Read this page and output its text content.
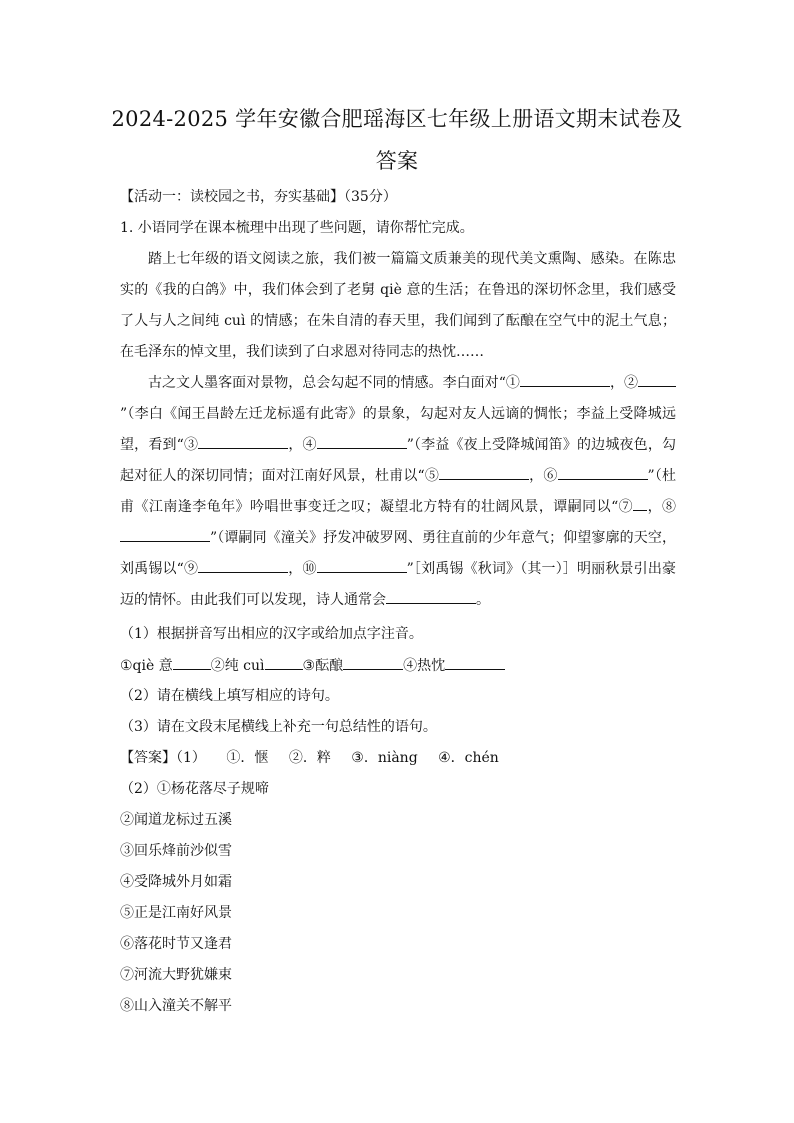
2024-2025 学年安徽合肥瑶海区七年级上册语文期末试卷及
答案
【活动一：读校园之书，夯实基础】（35分）
1. 小语同学在课本梳理中出现了些问题，请你帮忙完成。
踏上七年级的语文阅读之旅，我们被一篇篇文质兼美的现代美文熏陶、感染。在陈忠实的《我的白鸽》中，我们体会到了老舅 qiè 意的生活；在鲁迅的深切怀念里，我们感受了人与人之间纯 cuì 的情感；在朱自清的春天里，我们闻到了酝酿在空气中的泥土气息；在毛泽东的悼文里，我们读到了白求恩对待同志的热忱……
古之文人墨客面对景物，总会勾起不同的情感。李白面对“①	，②”（李白《闻王昌龄左迁龙标遥有此寄》的景象，勾起对友人远谪的惆怅；李益上受降城远望，看到“③	，④	”（李益《夜上受降城闻笛》的边城夜色，勾起对征人的深切同情；面对江南好风景，杜甫以“⑤	，⑥	”（杜甫《江南逢李龟年》吟唱世事变迁之叹；凝望北方特有的壮阔风景，谭嗣同以“⑦ ，⑧”（谭嗣同《潼关》抒发冲破罗网、勇往直前的少年意气；仰望寥廓的天空，刘禹锡以“⑨	，⑩	”［刘禹锡《秋词》（其一）］明丽秋景引出豪迈的情怀。由此我们可以发现，诗人通常会	。
（1）根据拼音写出相应的汉字或给加点字注音。
①qiè 意	②纯 cuì	③酝酿	④热忱
（2）请在横线上填写相应的诗句。
（3）请在文段末尾横线上补充一句总结性的语句。
【答案】（1） ①．惬 ②．粹 ③．niàng ④．chén
（2）①杨花落尽子规啼
②闻道龙标过五溪
③回乐烽前沙似雪
④受降城外月如霜
⑤正是江南好风景
⑥落花时节又逢君
⑦河流大野犹嫌束
⑧山入潼关不解平
